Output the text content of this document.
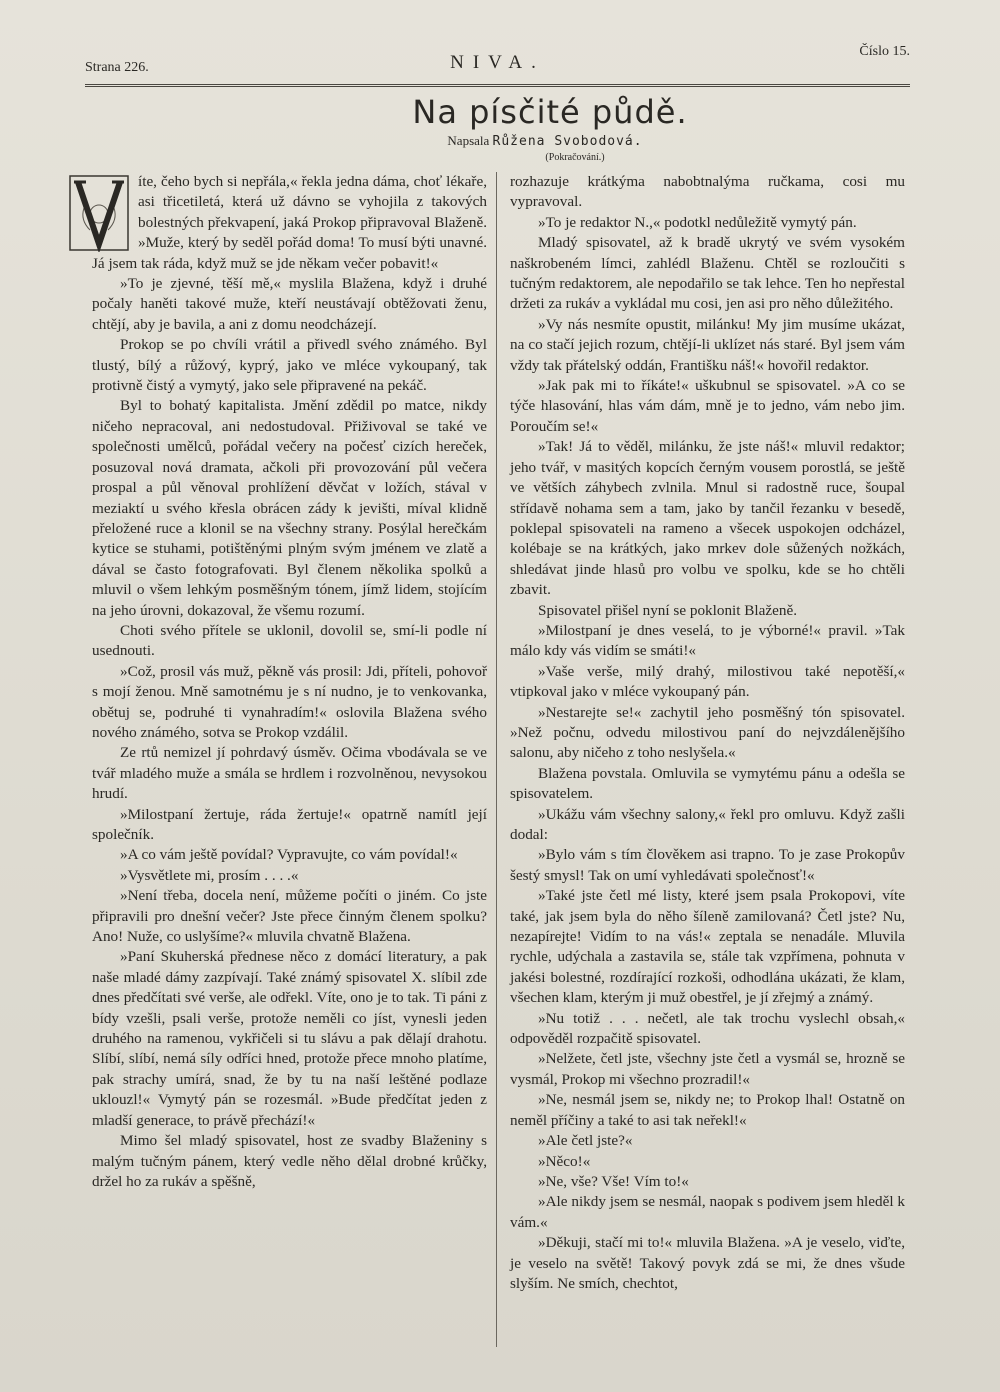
Strana 226.	NIVA.
Číslo 15.
Na písčité půdě.
Napsala Růžena Svobodová.
(Pokračování.)

íte, čeho bych si nepřála,« řekla jedna dáma, choť lékaře, asi třicetiletá, která už dávno se vyhojila z takových bolestných překvapení, jaká Prokop připravoval Blaženě. »Muže, který by seděl pořád doma! To musí býti unavné. Já jsem tak ráda, když muž se jde někam večer pobavit!«

»To je zjevné, těší mě,« myslila Blažena, když i druhé počaly haněti takové muže, kteří neustávají obtěžovati ženu, chtějí, aby je bavila, a ani z domu neodcházejí.

Prokop se po chvíli vrátil a přivedl svého známého. Byl tlustý, bílý a růžový, kyprý, jako ve mléce vykoupaný, tak protivně čistý a vymytý, jako sele připravené na pekáč.

Byl to bohatý kapitalista. Jmění zdědil po matce, nikdy ničeho nepracoval, ani nedostudoval. Přiživoval se také ve společnosti umělců, pořádal večery na počesť cizích hereček, posuzoval nová dramata, ačkoli při provozování půl večera prospal a půl věnoval prohlížení děvčat v ložích, stával v meziaktí u svého křesla obrácen zády k jevišti, míval klidně přeložené ruce a klonil se na všechny strany. Posýlal herečkám kytice se stuhami, potištěnými plným svým jménem ve zlatě a dával se často fotografovati. Byl členem několika spolků a mluvil o všem lehkým posměšným tónem, jímž lidem, stojícím na jeho úrovni, dokazoval, že všemu rozumí.

Choti svého přítele se uklonil, dovolil se, smí-li podle ní usednouti.

»Což, prosil vás muž, pěkně vás prosil: Jdi, příteli, pohovoř s mojí ženou. Mně samotnému je s ní nudno, je to venkovanka, obětuj se, podruhé ti vynahradím!« oslovila Blažena svého nového známého, sotva se Prokop vzdálil.

Ze rtů nemizel jí pohrdavý úsměv. Očima vbodávala se ve tvář mladého muže a smála se hrdlem i rozvolněnou, nevysokou hrudí.

»Milostpaní žertuje, ráda žertuje!« opatrně namítl její společník.

»A co vám ještě povídal? Vypravujte, co vám povídal!«

»Vysvětlete mi, prosím . . . .«

»Není třeba, docela není, můžeme počíti o jiném. Co jste připravili pro dnešní večer? Jste přece činným členem spolku? Ano! Nuže, co uslyšíme?« mluvila chvatně Blažena.

»Paní Skuherská přednese něco z domácí literatury, a pak naše mladé dámy zazpívají. Také známý spisovatel X. slíbil zde dnes předčítati své verše, ale odřekl. Víte, ono je to tak. Ti páni z bídy vzešli, psali verše, protože neměli co jíst, vynesli jeden druhého na ramenou, vykřičeli si tu slávu a pak dělají drahotu. Slíbí, slíbí, nemá síly odříci hned, protože přece mnoho platíme, pak strachy umírá, snad, že by tu na naší leštěné podlaze uklouzl!« Vymytý pán se rozesmál. »Bude předčítat jeden z mladší generace, to právě přechází!«

Mimo šel mladý spisovatel, host ze svadby Blaženiny s malým tučným pánem, který vedle něho dělal drobné krůčky, držel ho za rukáv a spěšně,

rozhazuje krátkýma nabobtnalýma ručkama, cosi mu vypravoval.

»To je redaktor N.,« podotkl nedůležitě vymytý pán.

Mladý spisovatel, až k bradě ukrytý ve svém vysokém naškrobeném límci, zahlédl Blaženu. Chtěl se rozloučiti s tučným redaktorem, ale nepodařilo se tak lehce. Ten ho nepřestal držeti za rukáv a vykládal mu cosi, jen asi pro něho důležitého.

»Vy nás nesmíte opustit, milánku! My jim musíme ukázat, na co stačí jejich rozum, chtějí-li uklízet nás staré. Byl jsem vám vždy tak přátelský oddán, Františku náš!« hovořil redaktor.

»Jak pak mi to říkáte!« uškubnul se spisovatel. »A co se týče hlasování, hlas vám dám, mně je to jedno, vám nebo jim. Poroučím se!«

»Tak! Já to věděl, milánku, že jste náš!« mluvil redaktor; jeho tvář, v masitých kopcích černým vousem porostlá, se ještě ve větších záhybech zvlnila. Mnul si radostně ruce, šoupal střídavě nohama sem a tam, jako by tančil řezanku v besedě, poklepal spisovateli na rameno a všecek uspokojen odcházel, kolébaje se na krátkých, jako mrkev dole sůžených nožkách, shledávat jinde hlasů pro volbu ve spolku, kde se ho chtěli zbavit.

Spisovatel přišel nyní se poklonit Blaženě.

»Milostpaní je dnes veselá, to je výborné!« pravil. »Tak málo kdy vás vidím se smáti!«

»Vaše verše, milý drahý, milostivou také nepotěší,« vtipkoval jako v mléce vykoupaný pán.

»Nestarejte se!« zachytil jeho posměšný tón spisovatel. »Než počnu, odvedu milostivou paní do nejvzdálenějšího salonu, aby ničeho z toho neslyšela.«

Blažena povstala. Omluvila se vymytému pánu a odešla se spisovatelem.

»Ukážu vám všechny salony,« řekl pro omluvu. Když zašli dodal:

»Bylo vám s tím člověkem asi trapno. To je zase Prokopův šestý smysl! Tak on umí vyhledávati společnosť!«

»Také jste četl mé listy, které jsem psala Prokopovi, víte také, jak jsem byla do něho šíleně zamilovaná? Četl jste? Nu, nezapírejte! Vidím to na vás!« zeptala se nenadále. Mluvila rychle, udýchala a zastavila se, stále tak vzpřímena, pohnuta v jakési bolestné, rozdírající rozkoši, odhodlána ukázati, že klam, všechen klam, kterým ji muž obestřel, je jí zřejmý a známý.

»Nu totiž . . . nečetl, ale tak trochu vyslechl obsah,« odpověděl rozpačitě spisovatel.

»Nelžete, četl jste, všechny jste četl a vysmál se, hrozně se vysmál, Prokop mi všechno prozradil!«

»Ne, nesmál jsem se, nikdy ne; to Prokop lhal! Ostatně on neměl příčiny a také to asi tak neřekl!«

»Ale četl jste?«

»Něco!«

»Ne, vše? Vše! Vím to!«

»Ale nikdy jsem se nesmál, naopak s podivem jsem hleděl k vám.«

»Děkuji, stačí mi to!« mluvila Blažena. »A je veselo, viďte, je veselo na světě! Takový povyk zdá se mi, že dnes všude slyším. Ne smích, chechtot,
